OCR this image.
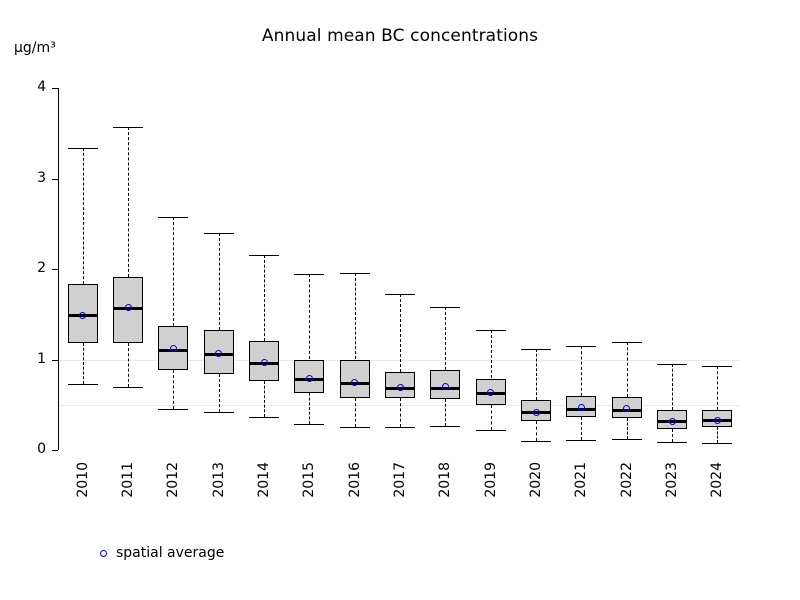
Annual mean BC concentrations
µg/m³
0
1
2
3
4
2010 2011 2012 2013 2014 2015 2016 2017 2018 2019 2020 2021 2022 2023 2024
spatial average
